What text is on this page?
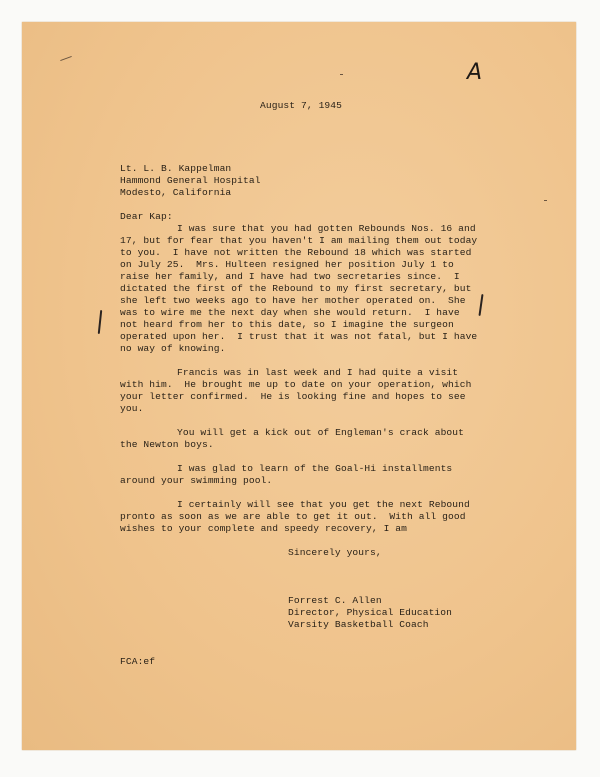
A
August 7, 1945
Lt. L. B. Kappelman
Hammond General Hospital
Modesto, California
Dear Kap:
I was sure that you had gotten Rebounds Nos. 16 and
17, but for fear that you haven't I am mailing them out today
to you.  I have not written the Rebound 18 which was started
on July 25.  Mrs. Hulteen resigned her position July 1 to
raise her family, and I have had two secretaries since.  I
dictated the first of the Rebound to my first secretary, but
she left two weeks ago to have her mother operated on.  She
was to wire me the next day when she would return.  I have
not heard from her to this date, so I imagine the surgeon
operated upon her.  I trust that it was not fatal, but I have
no way of knowing.
Francis was in last week and I had quite a visit
with him.  He brought me up to date on your operation, which
your letter confirmed.  He is looking fine and hopes to see
you.
You will get a kick out of Engleman's crack about
the Newton boys.
I was glad to learn of the Goal-Hi installments
around your swimming pool.
I certainly will see that you get the next Rebound
pronto as soon as we are able to get it out.  With all good
wishes to your complete and speedy recovery, I am
Sincerely yours,
Forrest C. Allen
Director, Physical Education
Varsity Basketball Coach
FCA:ef
